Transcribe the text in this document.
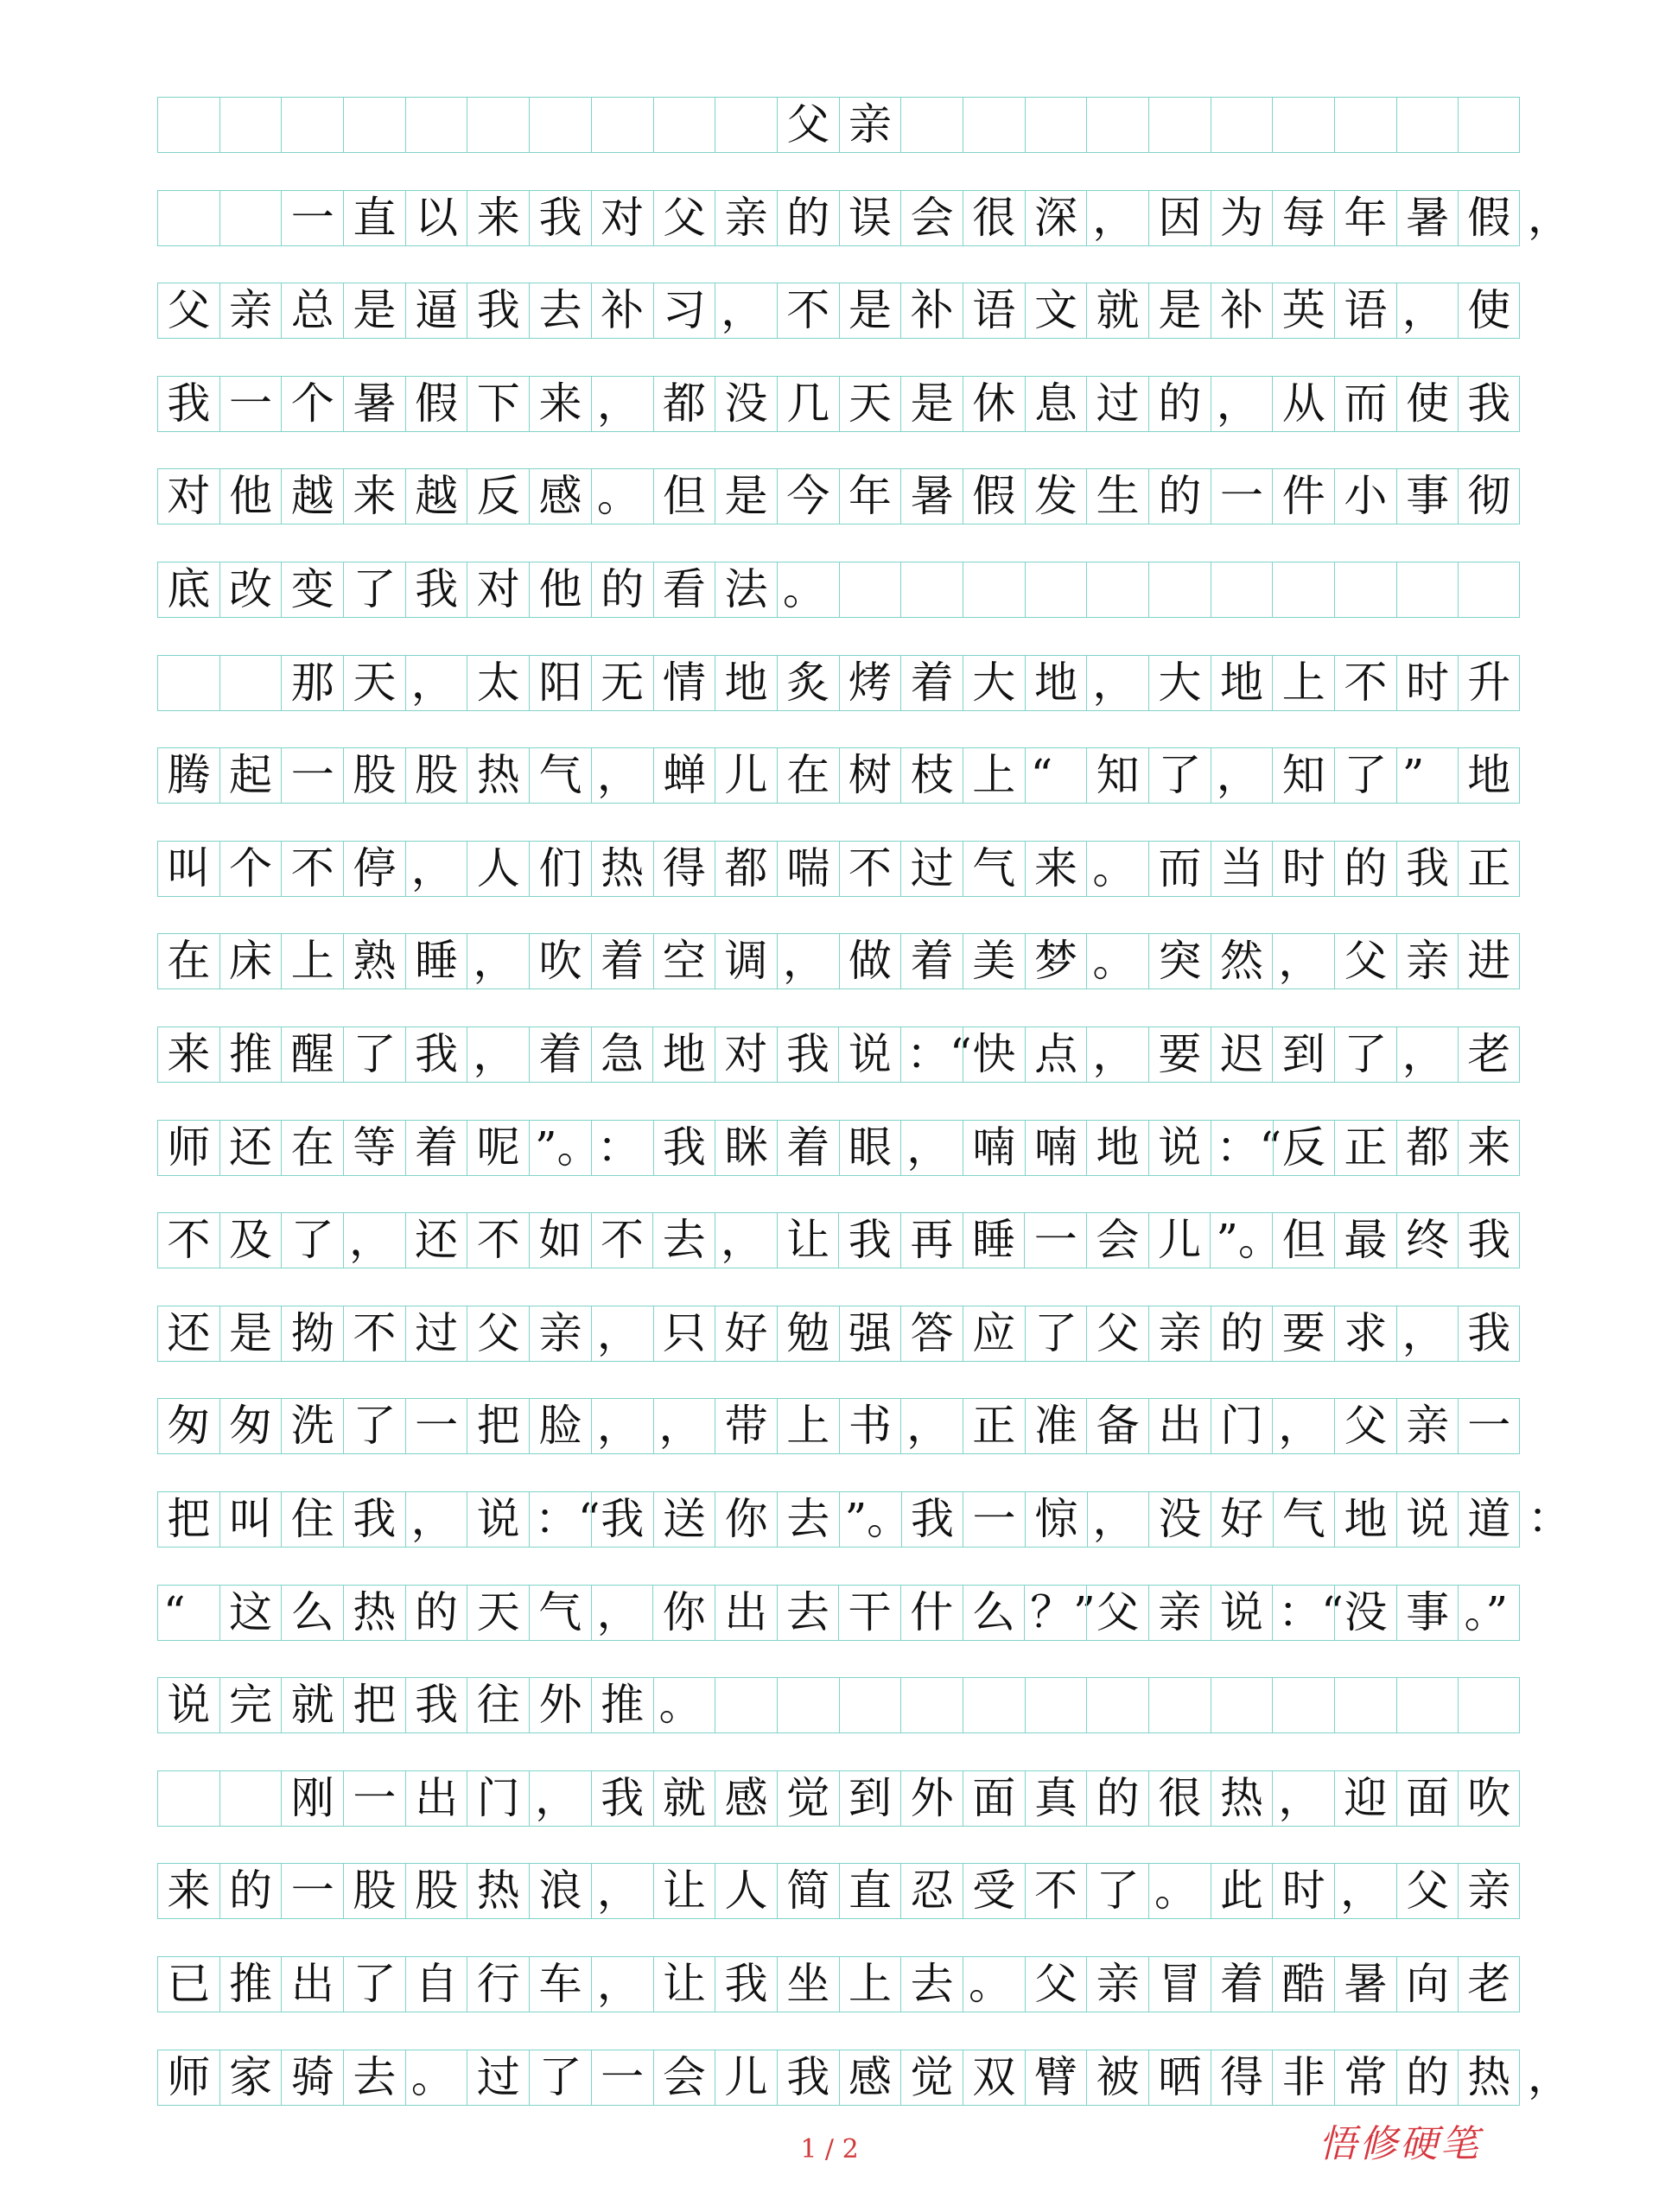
父 亲
一 直 以 来 我 对 父 亲 的 误 会 很 深 ， 因 为 每 年 暑 假 ，
父 亲 总 是 逼 我 去 补 习 ， 不 是 补 语 文 就 是 补 英 语 ， 使
我 一 个 暑 假 下 来 ， 都 没 几 天 是 休 息 过 的 ， 从 而 使 我
对 他 越 来 越 反 感 。 但 是 今 年 暑 假 发 生 的 一 件 小 事 彻
底 改 变 了 我 对 他 的 看 法 。
那 天 ， 太 阳 无 情 地 炙 烤 着 大 地 ， 大 地 上 不 时 升
腾 起 一 股 股 热 气 ， 蝉 儿 在 树 枝 上 “	知 了 ， 知 了 ” 地
叫 个 不 停 ， 人 们 热 得 都 喘 不 过 气 来 。 而 当 时 的 我 正
在 床 上 熟 睡 ， 吹 着 空 调 ， 做 着 美 梦 。 突 然 ， 父 亲 进
来 推 醒 了 我 ， 着 急 地 对 我 说 ：“ 快 点 ， 要 迟 到 了 ， 老
师 还 在 等 着 呢 ”。
： 我 眯 着 眼 ， 喃 喃 地 说 ：“ 反 正 都 来
不 及 了 ， 还 不 如 不 去 ， 让 我 再 睡 一 会 儿 ”。 但 最 终 我
还 是 拗 不 过 父 亲 ， 只 好 勉 强 答 应 了 父 亲 的 要 求 ， 我
匆 匆 洗 了 一 把 脸 ， ， 带 上 书 ， 正 准 备 出 门 ， 父 亲 一
把 叫 住 我 ， 说 ：“ 我 送 你 去 ”。 我 一 惊 ， 没 好 气 地 说 道 ：
“	这 么 热 的 天 气 ， 你 出 去 干 什 么 ？” 父 亲 说 ：“ 没 事 。”
说 完 就 把 我 往 外 推 。
刚 一 出 门 ， 我 就 感 觉 到 外 面 真 的 很 热 ， 迎 面 吹
来 的 一 股 股 热 浪 ， 让 人 简 直 忍 受 不 了 。 此 时 ， 父 亲
已 推 出 了 自 行 车 ， 让 我 坐 上 去 。 父 亲 冒 着 酷 暑 向 老
师 家 骑 去 。 过 了 一 会 儿 我 感 觉 双 臂 被 晒 得 非 常 的 热 ，
1 / 2	悟修硬笔
